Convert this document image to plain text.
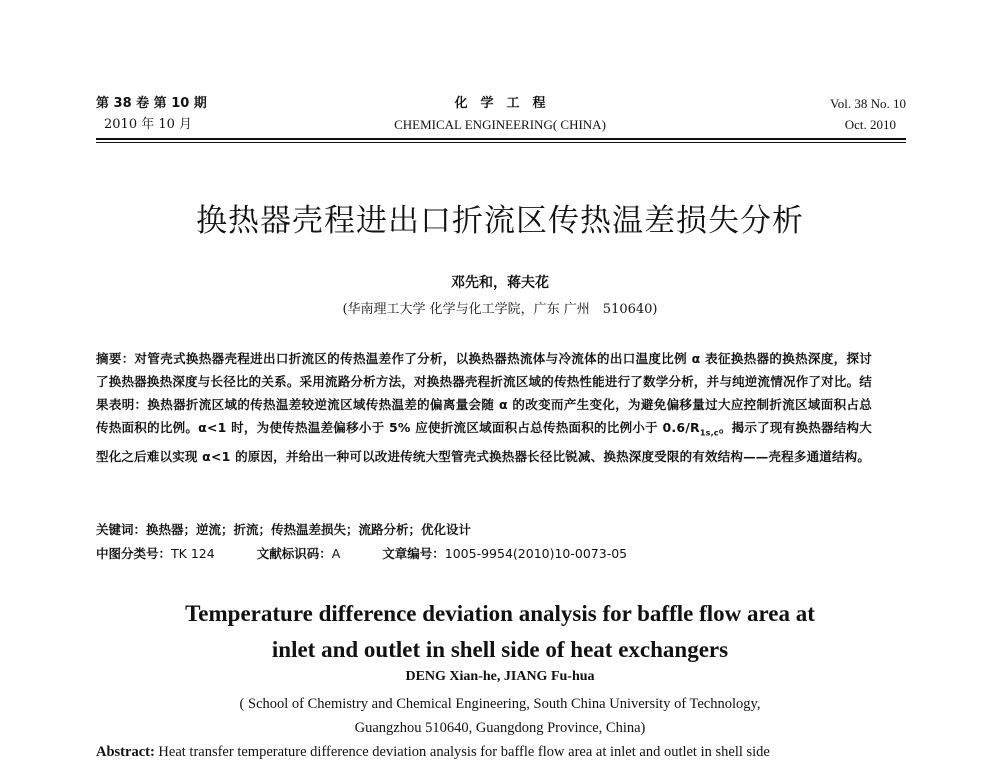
第 38 卷 第 10 期
2010 年 10 月
化　学　工　程
CHEMICAL ENGINEERING( CHINA)
Vol. 38 No. 10
Oct. 2010
换热器壳程进出口折流区传热温差损失分析
邓先和，蒋夫花
(华南理工大学 化学与化工学院，广东 广州　510640)
摘要：对管壳式换热器壳程进出口折流区的传热温差作了分析，以换热器热流体与冷流体的出口温度比例 α 表征换热器的换热深度，探讨了换热器换热深度与长径比的关系。采用流路分析方法，对换热器壳程折流区域的传热性能进行了数学分析，并与纯逆流情况作了对比。结果表明：换热器折流区域的传热温差较逆流区域传热温差的偏离量会随 α 的改变而产生变化，为避免偏移量过大应控制折流区域面积占总传热面积的比例。α<1 时，为使传热温差偏移小于 5% 应使折流区域面积占总传热面积的比例小于 $0.6/R_{1s,c}$。揭示了现有换热器结构大型化之后难以实现 α<1 的原因，并给出一种可以改进传统大型管壳式换热器长径比锐减、换热深度受限的有效结构——壳程多通道结构。
关键词：换热器；逆流；折流；传热温差损失；流路分析；优化设计
中图分类号：TK 124	文献标识码：A	文章编号：1005-9954(2010)10-0073-05
Temperature difference deviation analysis for baffle flow area at
inlet and outlet in shell side of heat exchangers
DENG Xian-he, JIANG Fu-hua
( School of Chemistry and Chemical Engineering, South China University of Technology,
Guangzhou 510640, Guangdong Province, China)
Abstract: Heat transfer temperature difference deviation analysis for baffle flow area at inlet and outlet in shell side
